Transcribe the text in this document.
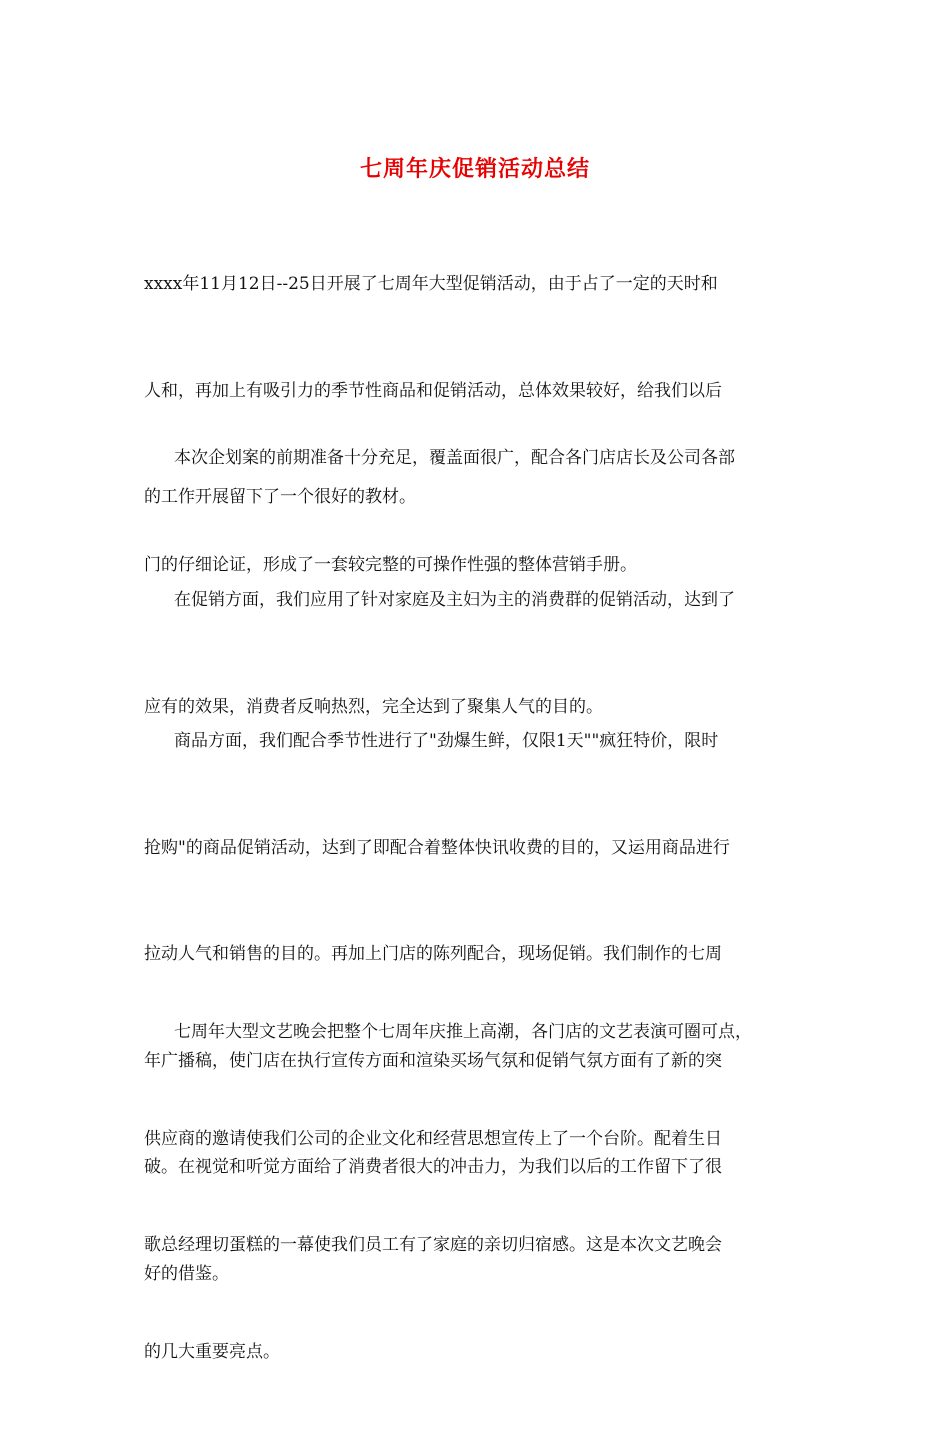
七周年庆促销活动总结

xxxx年11月12日--25日开展了七周年大型促销活动，由于占了一定的天时和

人和，再加上有吸引力的季节性商品和促销活动，总体效果较好，给我们以后

的工作开展留下了一个很好的教材。

本次企划案的前期准备十分充足，覆盖面很广，配合各门店店长及公司各部

门的仔细论证，形成了一套较完整的可操作性强的整体营销手册。

在促销方面，我们应用了针对家庭及主妇为主的消费群的促销活动，达到了

应有的效果，消费者反响热烈，完全达到了聚集人气的目的。

商品方面，我们配合季节性进行了"劲爆生鲜，仅限1天""疯狂特价，限时

抢购"的商品促销活动，达到了即配合着整体快讯收费的目的，又运用商品进行

拉动人气和销售的目的。再加上门店的陈列配合，现场促销。我们制作的七周

年广播稿，使门店在执行宣传方面和渲染买场气氛和促销气氛方面有了新的突

破。在视觉和听觉方面给了消费者很大的冲击力，为我们以后的工作留下了很

好的借鉴。

七周年大型文艺晚会把整个七周年庆推上高潮，各门店的文艺表演可圈可点，

供应商的邀请使我们公司的企业文化和经营思想宣传上了一个台阶。配着生日

歌总经理切蛋糕的一幕使我们员工有了家庭的亲切归宿感。这是本次文艺晚会

的几大重要亮点。
